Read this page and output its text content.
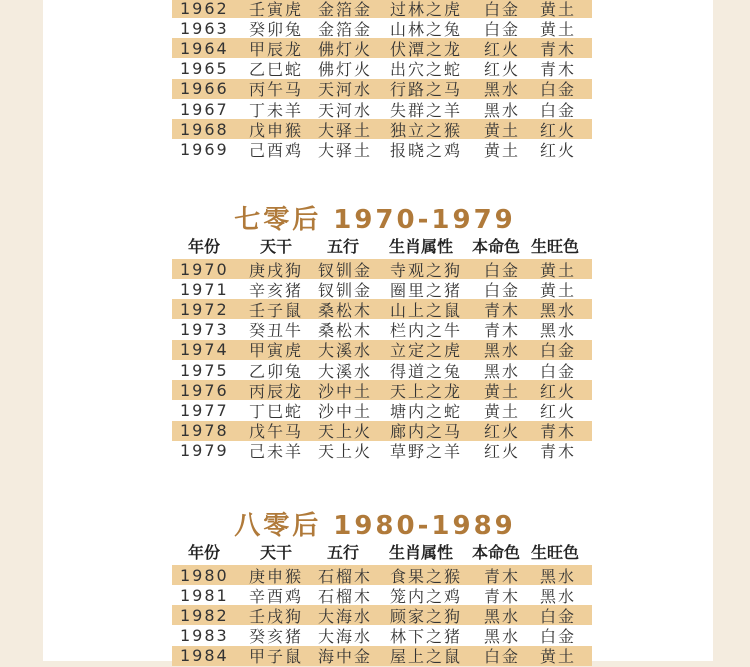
1962 壬寅虎 金箔金 过林之虎 白金 黄土
1963 癸卯兔 金箔金 山林之兔 白金 黄土
1964 甲辰龙 佛灯火 伏潭之龙 红火 青木
1965 乙巳蛇 佛灯火 出穴之蛇 红火 青木
1966 丙午马 天河水 行路之马 黑水 白金
1967 丁未羊 天河水 失群之羊 黑水 白金
1968 戊申猴 大驿土 独立之猴 黄土 红火
1969 己酉鸡 大驿土 报晓之鸡 黄土 红火
七零后 1970-1979
年份 天干 五行 生肖属性 本命色 生旺色
1970 庚戌狗 钗钏金 寺观之狗 白金 黄土
1971 辛亥猪 钗钏金 圈里之猪 白金 黄土
1972 壬子鼠 桑松木 山上之鼠 青木 黑水
1973 癸丑牛 桑松木 栏内之牛 青木 黑水
1974 甲寅虎 大溪水 立定之虎 黑水 白金
1975 乙卯兔 大溪水 得道之兔 黑水 白金
1976 丙辰龙 沙中土 天上之龙 黄土 红火
1977 丁巳蛇 沙中土 塘内之蛇 黄土 红火
1978 戊午马 天上火 廊内之马 红火 青木
1979 己未羊 天上火 草野之羊 红火 青木
八零后 1980-1989
年份 天干 五行 生肖属性 本命色 生旺色
1980 庚申猴 石榴木 食果之猴 青木 黑水
1981 辛酉鸡 石榴木 笼内之鸡 青木 黑水
1982 壬戌狗 大海水 顾家之狗 黑水 白金
1983 癸亥猪 大海水 林下之猪 黑水 白金
1984 甲子鼠 海中金 屋上之鼠 白金 黄土
